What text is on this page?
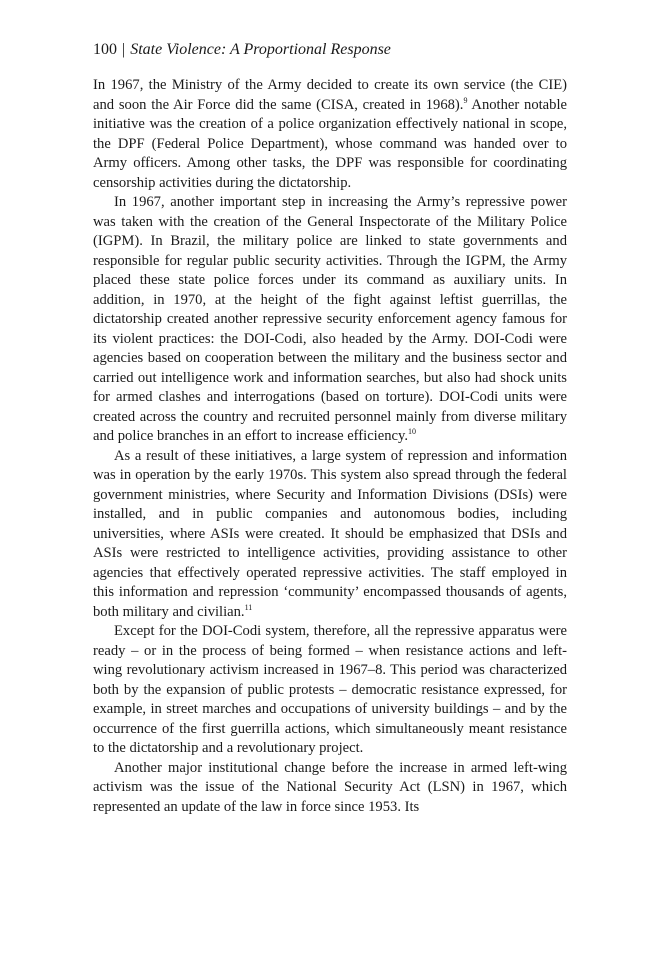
100 | State Violence: A Proportional Response

In 1967, the Ministry of the Army decided to create its own service (the CIE) and soon the Air Force did the same (CISA, created in 1968).$^9$ Another notable initiative was the creation of a police organization effectively national in scope, the DPF (Federal Police Department), whose command was handed over to Army officers. Among other tasks, the DPF was responsible for coordinating censorship activities during the dictatorship.

In 1967, another important step in increasing the Army’s repressive power was taken with the creation of the General Inspectorate of the Military Police (IGPM). In Brazil, the military police are linked to state governments and responsible for regular public security activities. Through the IGPM, the Army placed these state police forces under its command as auxiliary units. In addition, in 1970, at the height of the fight against leftist guerrillas, the dictatorship created another repressive security enforcement agency famous for its violent practices: the DOI-Codi, also headed by the Army. DOI-Codi were agencies based on cooperation between the military and the business sector and carried out intelligence work and information searches, but also had shock units for armed clashes and interrogations (based on torture). DOI-Codi units were created across the country and recruited personnel mainly from diverse military and police branches in an effort to increase efficiency.$^{10}$

As a result of these initiatives, a large system of repression and information was in operation by the early 1970s. This system also spread through the federal government ministries, where Security and Information Divisions (DSIs) were installed, and in public companies and autonomous bodies, including universities, where ASIs were created. It should be emphasized that DSIs and ASIs were restricted to intelligence activities, providing assistance to other agencies that effectively operated repressive activities. The staff employed in this information and repression ‘community’ encompassed thousands of agents, both military and civilian.$^{11}$

Except for the DOI-Codi system, therefore, all the repressive apparatus were ready – or in the process of being formed – when resistance actions and left-wing revolutionary activism increased in 1967–8. This period was characterized both by the expansion of public protests – democratic resistance expressed, for example, in street marches and occupations of university buildings – and by the occurrence of the first guerrilla actions, which simultaneously meant resistance to the dictatorship and a revolutionary project.

Another major institutional change before the increase in armed left-wing activism was the issue of the National Security Act (LSN) in 1967, which represented an update of the law in force since 1953. Its
